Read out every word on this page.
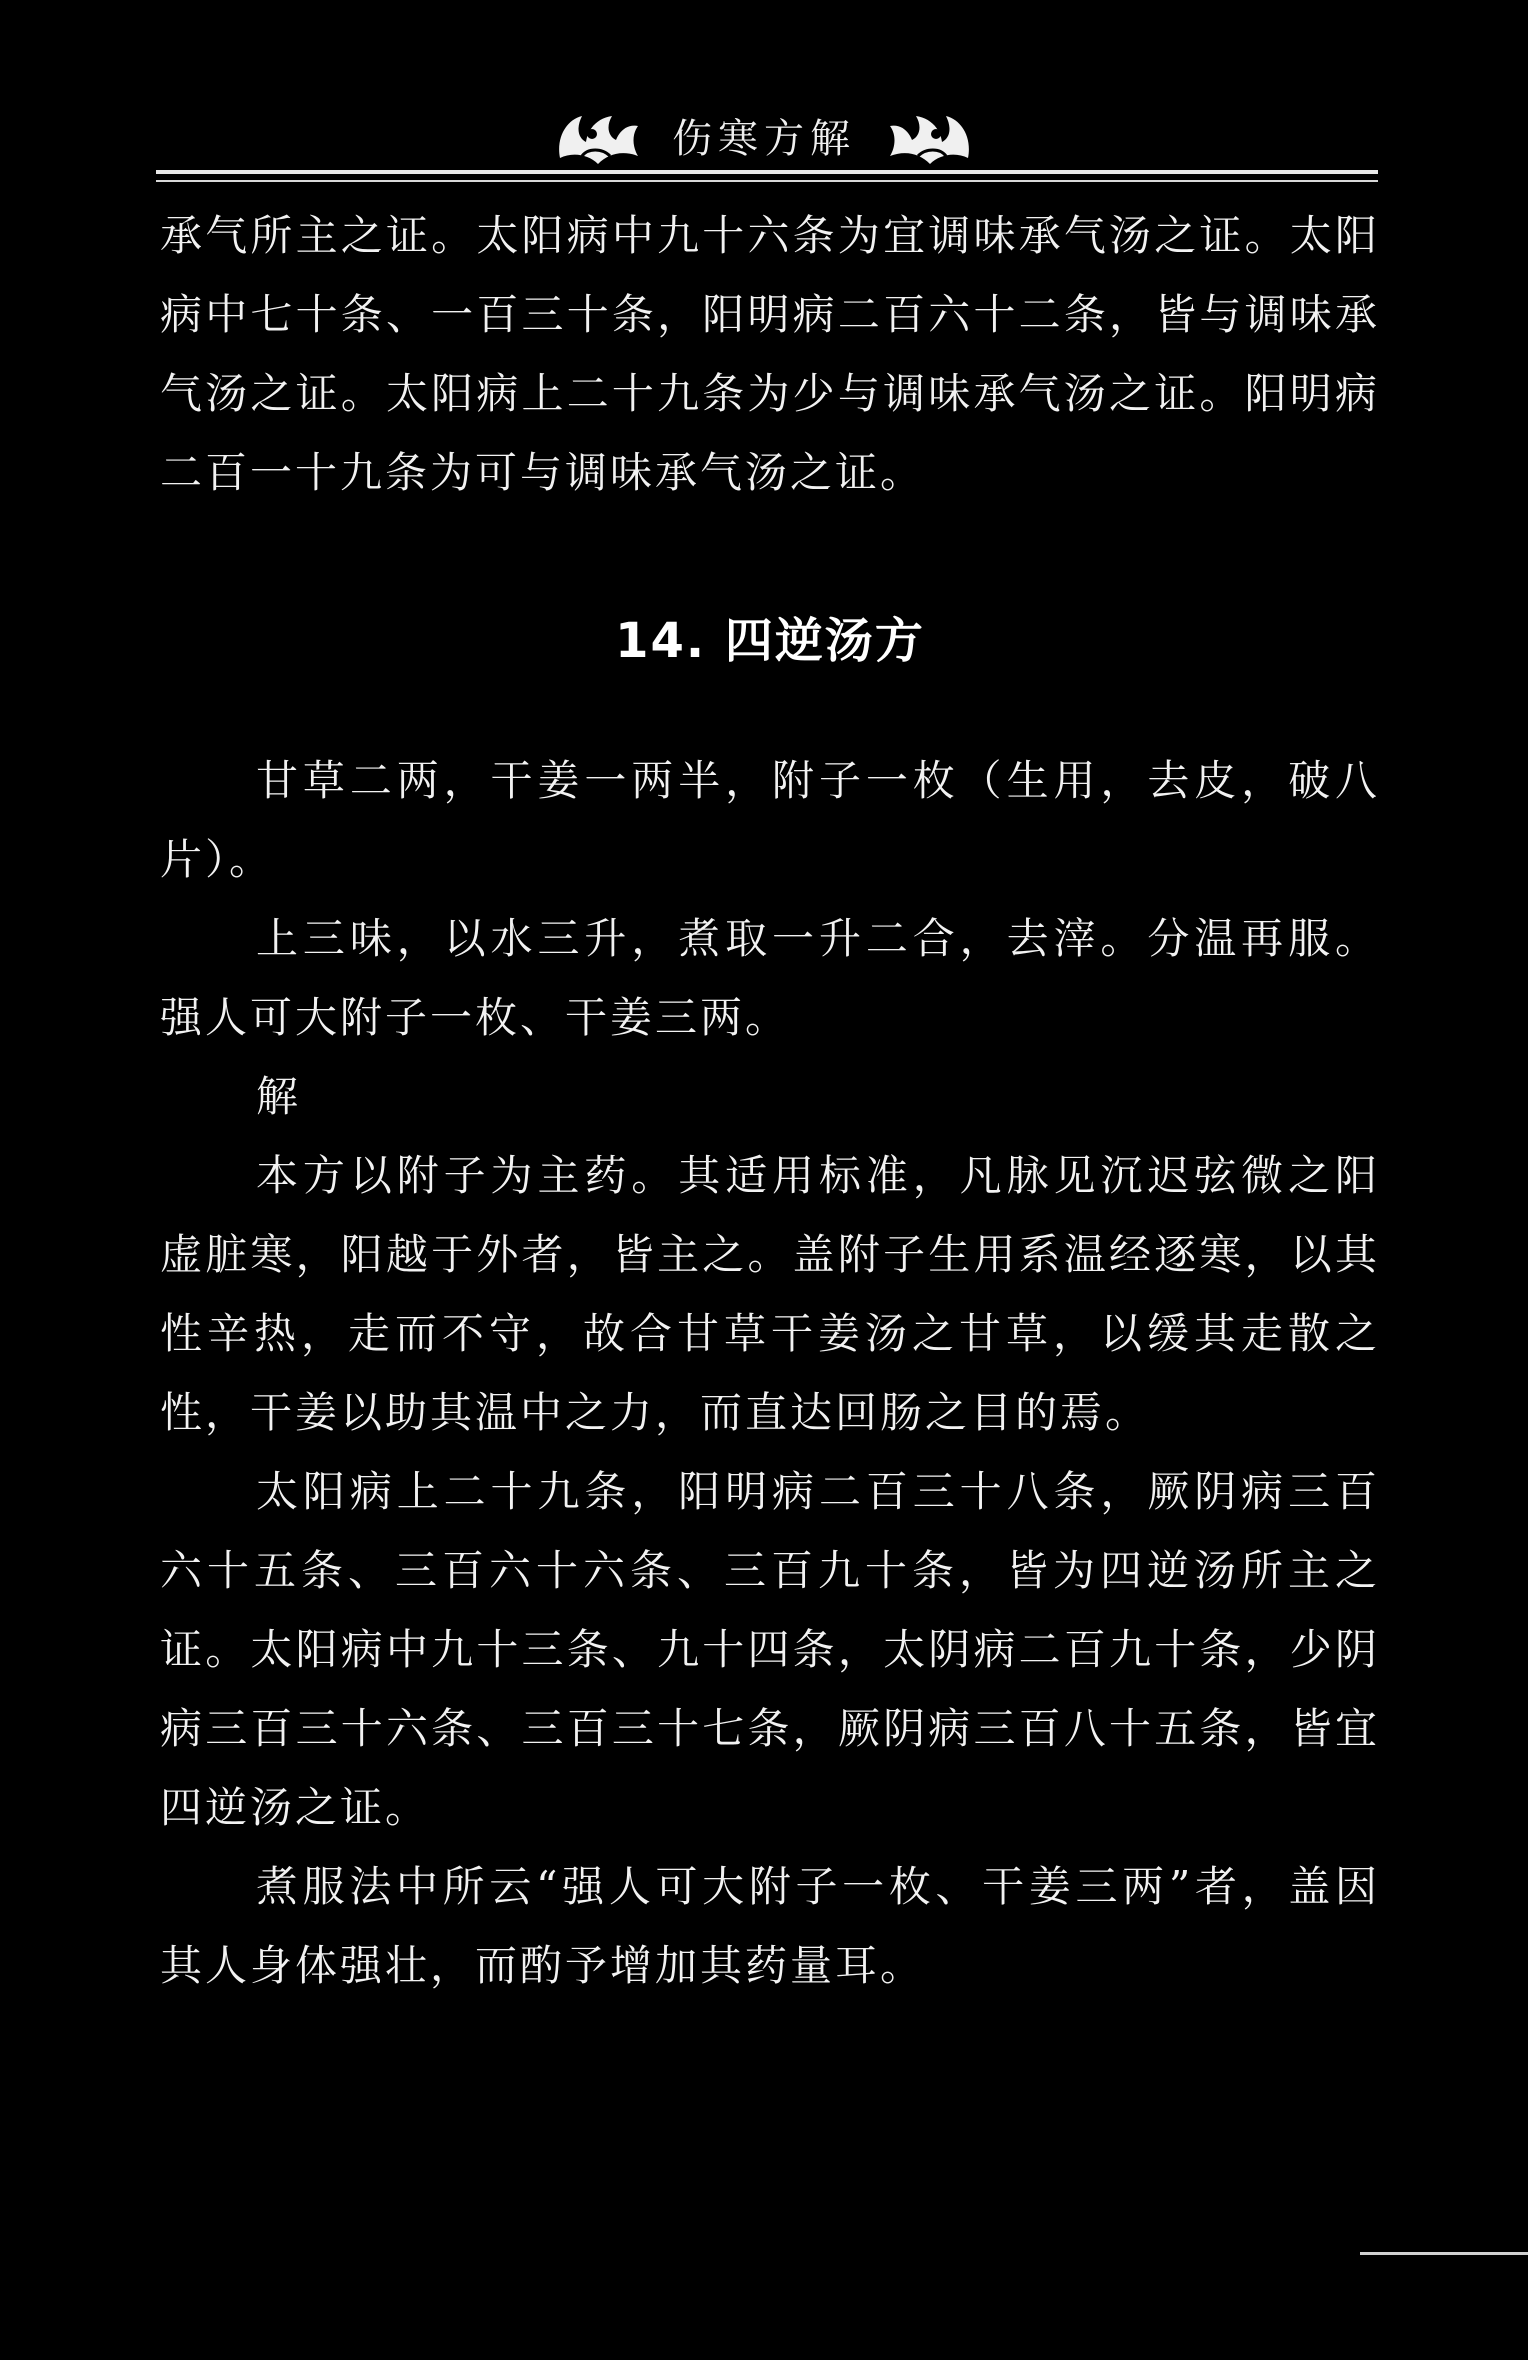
伤寒方解

承气所主之证。太阳病中九十六条为宜调味承气汤之证。太阳病中七十条、一百三十条，阳明病二百六十二条，皆与调味承气汤之证。太阳病上二十九条为少与调味承气汤之证。阳明病二百一十九条为可与调味承气汤之证。

14. 四逆汤方

甘草二两，干姜一两半，附子一枚（生用，去皮，破八片）。

上三味，以水三升，煮取一升二合，去滓。分温再服。强人可大附子一枚、干姜三两。

解

本方以附子为主药。其适用标准，凡脉见沉迟弦微之阳虚脏寒，阳越于外者，皆主之。盖附子生用系温经逐寒，以其性辛热，走而不守，故合甘草干姜汤之甘草，以缓其走散之性，干姜以助其温中之力，而直达回肠之目的焉。

太阳病上二十九条，阳明病二百三十八条，厥阴病三百六十五条、三百六十六条、三百九十条，皆为四逆汤所主之证。太阳病中九十三条、九十四条，太阴病二百九十条，少阴病三百三十六条、三百三十七条，厥阴病三百八十五条，皆宜四逆汤之证。

煮服法中所云“强人可大附子一枚、干姜三两”者，盖因其人身体强壮，而酌予增加其药量耳。
